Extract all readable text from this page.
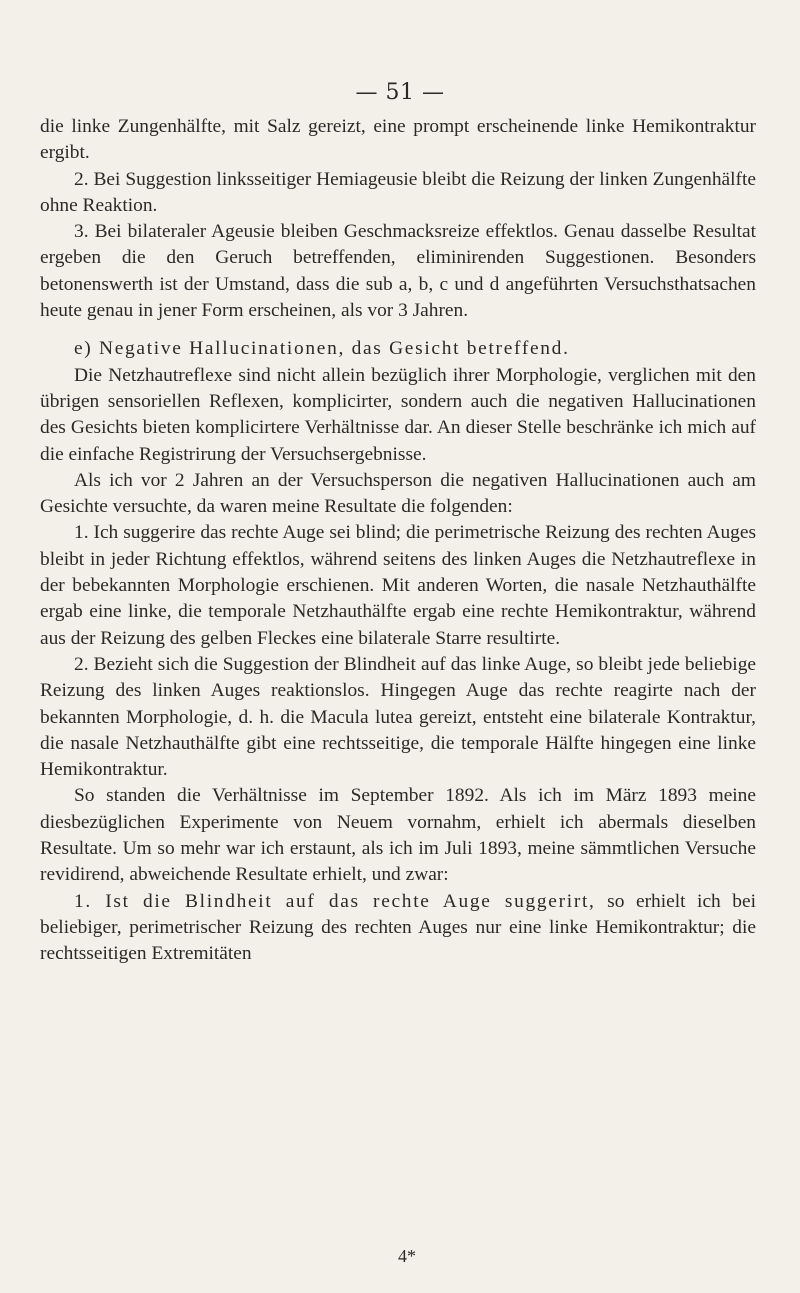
— 51 —

die linke Zungenhälfte, mit Salz gereizt, eine prompt erscheinende linke Hemikontraktur ergibt.

2. Bei Suggestion linksseitiger Hemiageusie bleibt die Reizung der linken Zungenhälfte ohne Reaktion.

3. Bei bilateraler Ageusie bleiben Geschmacksreize effektlos. Genau dasselbe Resultat ergeben die den Geruch betreffenden, eliminirenden Suggestionen. Besonders betonenswerth ist der Umstand, dass die sub a, b, c und d angeführten Versuchsthatsachen heute genau in jener Form erscheinen, als vor 3 Jahren.

e) Negative Hallucinationen, das Gesicht betreffend.

Die Netzhautreflexe sind nicht allein bezüglich ihrer Morphologie, verglichen mit den übrigen sensoriellen Reflexen, komplicirter, sondern auch die negativen Hallucinationen des Gesichts bieten komplicirtere Verhältnisse dar. An dieser Stelle beschränke ich mich auf die einfache Registrirung der Versuchsergebnisse.

Als ich vor 2 Jahren an der Versuchsperson die negativen Hallucinationen auch am Gesichte versuchte, da waren meine Resultate die folgenden:

1. Ich suggerire das rechte Auge sei blind; die perimetrische Reizung des rechten Auges bleibt in jeder Richtung effektlos, während seitens des linken Auges die Netzhautreflexe in der bebekannten Morphologie erschienen. Mit anderen Worten, die nasale Netzhauthälfte ergab eine linke, die temporale Netzhauthälfte ergab eine rechte Hemikontraktur, während aus der Reizung des gelben Fleckes eine bilaterale Starre resultirte.

2. Bezieht sich die Suggestion der Blindheit auf das linke Auge, so bleibt jede beliebige Reizung des linken Auges reaktionslos. Hingegen Auge das rechte reagirte nach der bekannten Morphologie, d. h. die Macula lutea gereizt, entsteht eine bilaterale Kontraktur, die nasale Netzhauthälfte gibt eine rechtsseitige, die temporale Hälfte hingegen eine linke Hemikontraktur.

So standen die Verhältnisse im September 1892. Als ich im März 1893 meine diesbezüglichen Experimente von Neuem vornahm, erhielt ich abermals dieselben Resultate. Um so mehr war ich erstaunt, als ich im Juli 1893, meine sämmtlichen Versuche revidirend, abweichende Resultate erhielt, und zwar:

1. Ist die Blindheit auf das rechte Auge suggerirt, so erhielt ich bei beliebiger, perimetrischer Reizung des rechten Auges nur eine linke Hemikontraktur; die rechtsseitigen Extremitäten

4*
